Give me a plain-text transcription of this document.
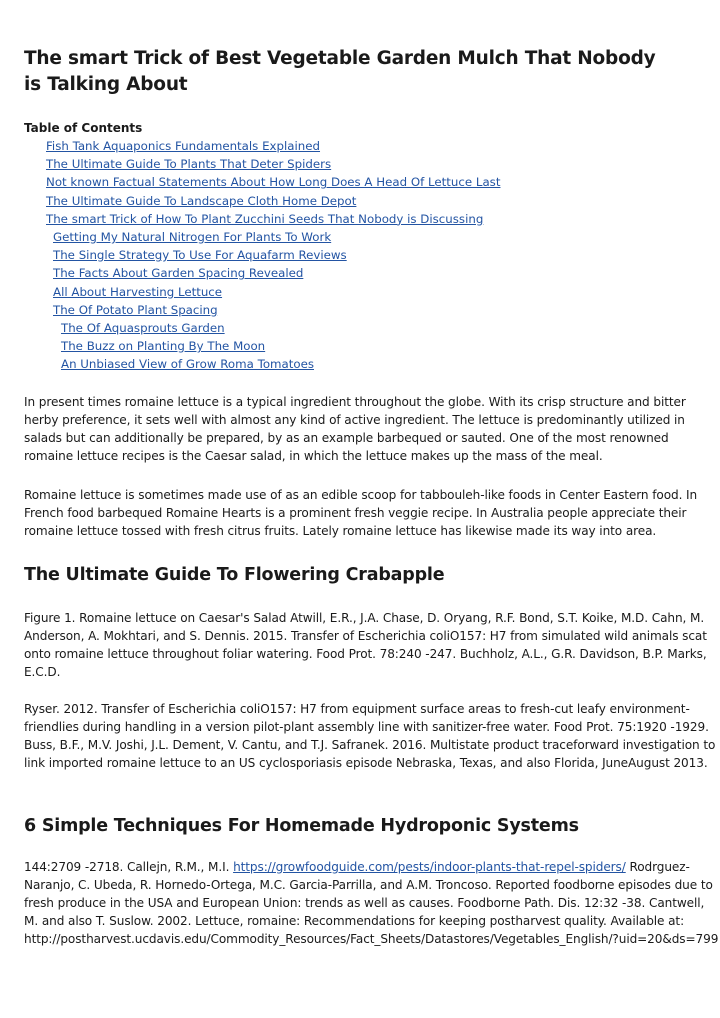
The smart Trick of Best Vegetable Garden Mulch That Nobody is Talking About
Table of Contents
Fish Tank Aquaponics Fundamentals Explained
The Ultimate Guide To Plants That Deter Spiders
Not known Factual Statements About How Long Does A Head Of Lettuce Last
The Ultimate Guide To Landscape Cloth Home Depot
The smart Trick of How To Plant Zucchini Seeds That Nobody is Discussing
Getting My Natural Nitrogen For Plants To Work
The Single Strategy To Use For Aquafarm Reviews
The Facts About Garden Spacing Revealed
All About Harvesting Lettuce
The Of Potato Plant Spacing
The Of Aquasprouts Garden
The Buzz on Planting By The Moon
An Unbiased View of Grow Roma Tomatoes

In present times romaine lettuce is a typical ingredient throughout the globe. With its crisp structure and bitter herby preference, it sets well with almost any kind of active ingredient. The lettuce is predominantly utilized in salads but can additionally be prepared, by as an example barbequed or sauted. One of the most renowned romaine lettuce recipes is the Caesar salad, in which the lettuce makes up the mass of the meal.

Romaine lettuce is sometimes made use of as an edible scoop for tabbouleh-like foods in Center Eastern food. In French food barbequed Romaine Hearts is a prominent fresh veggie recipe. In Australia people appreciate their romaine lettuce tossed with fresh citrus fruits. Lately romaine lettuce has likewise made its way into area.

The Ultimate Guide To Flowering Crabapple

Figure 1. Romaine lettuce on Caesar's Salad Atwill, E.R., J.A. Chase, D. Oryang, R.F. Bond, S.T. Koike, M.D. Cahn, M. Anderson, A. Mokhtari, and S. Dennis. 2015. Transfer of Escherichia coliO157: H7 from simulated wild animals scat onto romaine lettuce throughout foliar watering. Food Prot. 78:240 -247. Buchholz, A.L., G.R. Davidson, B.P. Marks, E.C.D.

Ryser. 2012. Transfer of Escherichia coliO157: H7 from equipment surface areas to fresh-cut leafy environment-friendlies during handling in a version pilot-plant assembly line with sanitizer-free water. Food Prot. 75:1920 -1929. Buss, B.F., M.V. Joshi, J.L. Dement, V. Cantu, and T.J. Safranek. 2016. Multistate product traceforward investigation to link imported romaine lettuce to an US cyclosporiasis episode Nebraska, Texas, and also Florida, JuneAugust 2013.

6 Simple Techniques For Homemade Hydroponic Systems

144:2709 -2718. Callejn, R.M., M.I. https://growfoodguide.com/pests/indoor-plants-that-repel-spiders/ Rodrguez-Naranjo, C. Ubeda, R. Hornedo-Ortega, M.C. Garcia-Parrilla, and A.M. Troncoso. Reported foodborne episodes due to fresh produce in the USA and European Union: trends as well as causes. Foodborne Path. Dis. 12:32 -38. Cantwell, M. and also T. Suslow. 2002. Lettuce, romaine: Recommendations for keeping postharvest quality. Available at:
http://postharvest.ucdavis.edu/Commodity_Resources/Fact_Sheets/Datastores/Vegetables_English/?uid=20&ds=799
